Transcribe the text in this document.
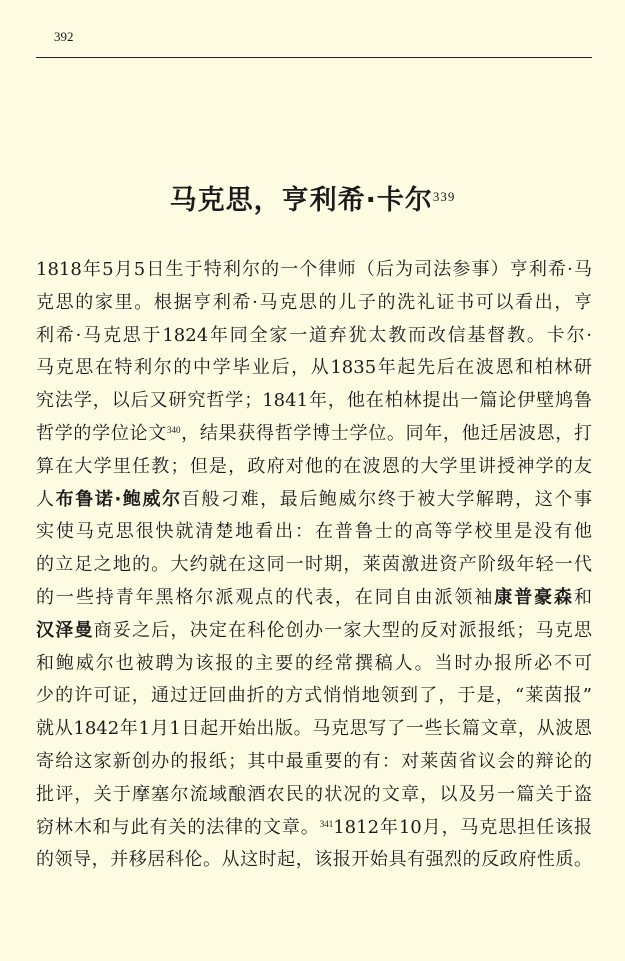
392
马克思，亨利希·卡尔$^{339}$
1818年5月5日生于特利尔的一个律师（后为司法参事）亨利希·马
克思的家里。根据亨利希·马克思的儿子的洗礼证书可以看出，亨
利希·马克思于1824年同全家一道弃犹太教而改信基督教。卡尔·
马克思在特利尔的中学毕业后，从1835年起先后在波恩和柏林研
究法学，以后又研究哲学；1841年，他在柏林提出一篇论伊壁鸠鲁
哲学的学位论文$^{340}$，结果获得哲学博士学位。同年，他迁居波恩，打
算在大学里任教；但是，政府对他的在波恩的大学里讲授神学的友
人布鲁诺·鲍威尔百般刁难，最后鲍威尔终于被大学解聘，这个事
实使马克思很快就清楚地看出：在普鲁士的高等学校里是没有他
的立足之地的。大约就在这同一时期，莱茵激进资产阶级年轻一代
的一些持青年黑格尔派观点的代表，在同自由派领袖康普豪森和
汉泽曼商妥之后，决定在科伦创办一家大型的反对派报纸；马克思
和鲍威尔也被聘为该报的主要的经常撰稿人。当时办报所必不可
少的许可证，通过迂回曲折的方式悄悄地领到了，于是，“莱茵报”
就从1842年1月1日起开始出版。马克思写了一些长篇文章，从波恩
寄给这家新创办的报纸；其中最重要的有：对莱茵省议会的辩论的
批评，关于摩塞尔流域酿酒农民的状况的文章，以及另一篇关于盗
窃林木和与此有关的法律的文章。$^{341}$1812年10月，马克思担任该报
的领导，并移居科伦。从这时起，该报开始具有强烈的反政府性质。
